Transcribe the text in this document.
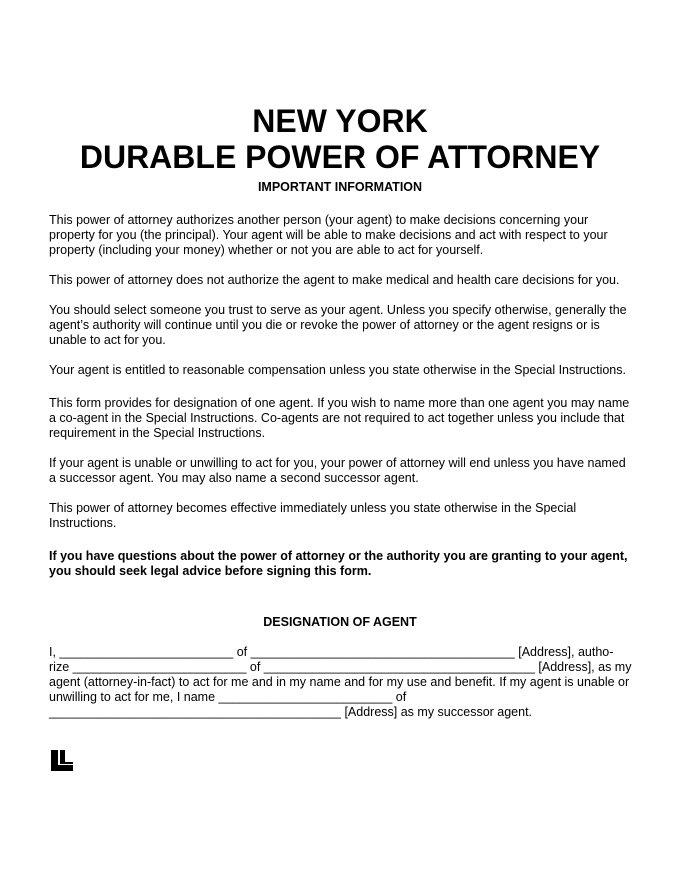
NEW YORK
DURABLE POWER OF ATTORNEY
IMPORTANT INFORMATION

This power of attorney authorizes another person (your agent) to make decisions concerning your property for you (the principal). Your agent will be able to make decisions and act with respect to your property (including your money) whether or not you are able to act for yourself.

This power of attorney does not authorize the agent to make medical and health care decisions for you.

You should select someone you trust to serve as your agent. Unless you specify otherwise, generally the agent’s authority will continue until you die or revoke the power of attorney or the agent resigns or is unable to act for you.

Your agent is entitled to reasonable compensation unless you state otherwise in the Special Instructions.

This form provides for designation of one agent. If you wish to name more than one agent you may name a co-agent in the Special Instructions. Co-agents are not required to act together unless you include that requirement in the Special Instructions.

If your agent is unable or unwilling to act for you, your power of attorney will end unless you have named a successor agent. You may also name a second successor agent.

This power of attorney becomes effective immediately unless you state otherwise in the Special Instructions.

If you have questions about the power of attorney or the authority you are granting to your agent, you should seek legal advice before signing this form.

DESIGNATION OF AGENT
I, _________________________ of ______________________________________ [Address], autho-
rize _________________________ of _______________________________________ [Address], as my
agent (attorney-in-fact) to act for me and in my name and for my use and benefit. If my agent is unable or
unwilling to act for me, I name _________________________ of
__________________________________________ [Address] as my successor agent.
